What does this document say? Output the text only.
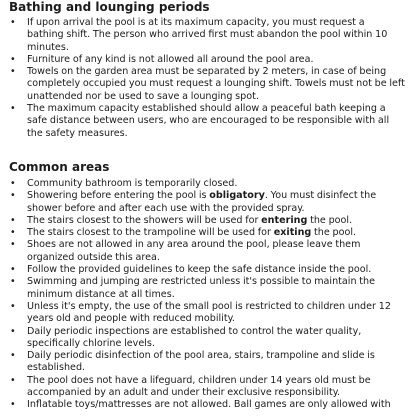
Bathing and lounging periods
• If upon arrival the pool is at its maximum capacity, you must request a
bathing shift. The person who arrived first must abandon the pool within 10
minutes.
• Furniture of any kind is not allowed all around the pool area.
• Towels on the garden area must be separated by 2 meters, in case of being
completely occupied you must request a lounging shift. Towels must not be left
unattended nor be used to save a lounging spot.
• The maximum capacity established should allow a peaceful bath keeping a
safe distance between users, who are encouraged to be responsible with all
the safety measures.
Common areas
• Community bathroom is temporarily closed.
• Showering before entering the pool is obligatory. You must disinfect the
shower before and after each use with the provided spray.
• The stairs closest to the showers will be used for entering the pool.
• The stairs closest to the trampoline will be used for exiting the pool.
• Shoes are not allowed in any area around the pool, please leave them
organized outside this area.
• Follow the provided guidelines to keep the safe distance inside the pool.
• Swimming and jumping are restricted unless it's possible to maintain the
minimum distance at all times.
• Unless it's empty, the use of the small pool is restricted to children under 12
years old and people with reduced mobility.
• Daily periodic inspections are established to control the water quality,
specifically chlorine levels.
• Daily periodic disinfection of the pool area, stairs, trampoline and slide is
established.
• The pool does not have a lifeguard, children under 14 years old must be
accompanied by an adult and under their exclusive responsibility.
• Inflatable toys/mattresses are not allowed. Ball games are only allowed with
